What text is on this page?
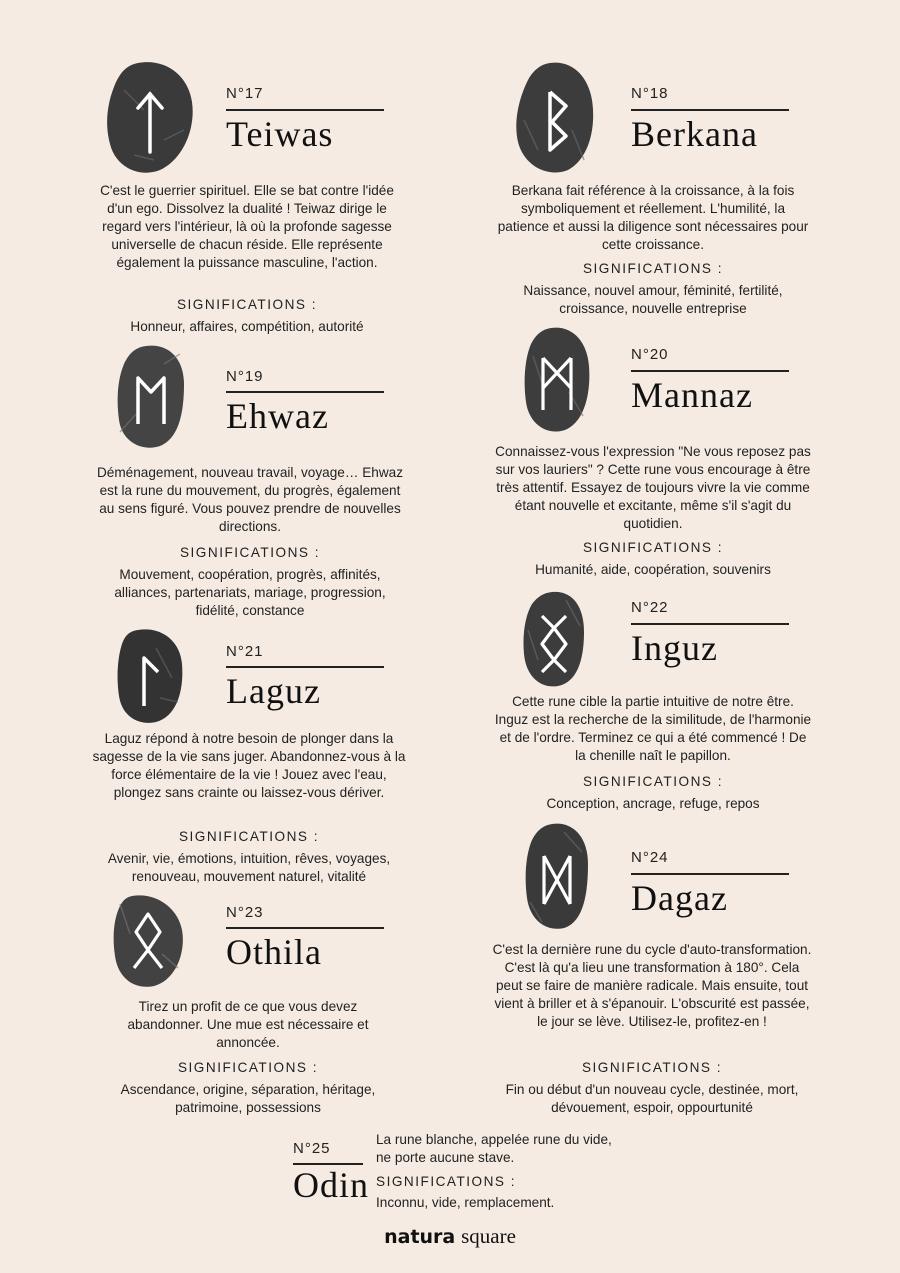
N°17
Teiwas
C'est le guerrier spirituel. Elle se bat contre l'idée d'un ego. Dissolvez la dualité ! Teiwaz dirige le regard vers l'intérieur, là où la profonde sagesse universelle de chacun réside. Elle représente également la puissance masculine, l'action.
SIGNIFICATIONS :
Honneur, affaires, compétition, autorité
N°18
Berkana
Berkana fait référence à la croissance, à la fois symboliquement et réellement. L'humilité, la patience et aussi la diligence sont nécessaires pour cette croissance.
SIGNIFICATIONS :
Naissance, nouvel amour, féminité, fertilité, croissance, nouvelle entreprise
N°19
Ehwaz
Déménagement, nouveau travail, voyage… Ehwaz est la rune du mouvement, du progrès, également au sens figuré. Vous pouvez prendre de nouvelles directions.
SIGNIFICATIONS :
Mouvement, coopération, progrès, affinités, alliances, partenariats, mariage, progression, fidélité, constance
N°20
Mannaz
Connaissez-vous l'expression "Ne vous reposez pas sur vos lauriers" ? Cette rune vous encourage à être très attentif. Essayez de toujours vivre la vie comme étant nouvelle et excitante, même s'il s'agit du quotidien.
SIGNIFICATIONS :
Humanité, aide, coopération, souvenirs
N°21
Laguz
Laguz répond à notre besoin de plonger dans la sagesse de la vie sans juger. Abandonnez-vous à la force élémentaire de la vie ! Jouez avec l'eau, plongez sans crainte ou laissez-vous dériver.
SIGNIFICATIONS :
Avenir, vie, émotions, intuition, rêves, voyages, renouveau, mouvement naturel, vitalité
N°22
Inguz
Cette rune cible la partie intuitive de notre être. Inguz est la recherche de la similitude, de l'harmonie et de l'ordre. Terminez ce qui a été commencé ! De la chenille naît le papillon.
SIGNIFICATIONS :
Conception, ancrage, refuge, repos
N°23
Othila
Tirez un profit de ce que vous devez abandonner. Une mue est nécessaire et annoncée.
SIGNIFICATIONS :
Ascendance, origine, séparation, héritage, patrimoine, possessions
N°24
Dagaz
C'est la dernière rune du cycle d'auto-transformation. C'est là qu'a lieu une transformation à 180°. Cela peut se faire de manière radicale. Mais ensuite, tout vient à briller et à s'épanouir. L'obscurité est passée, le jour se lève. Utilisez-le, profitez-en !
SIGNIFICATIONS :
Fin ou début d'un nouveau cycle, destinée, mort, dévouement, espoir, oppourtunité
N°25
Odin
La rune blanche, appelée rune du vide, ne porte aucune stave.
SIGNIFICATIONS :
Inconnu, vide, remplacement.
natura square
